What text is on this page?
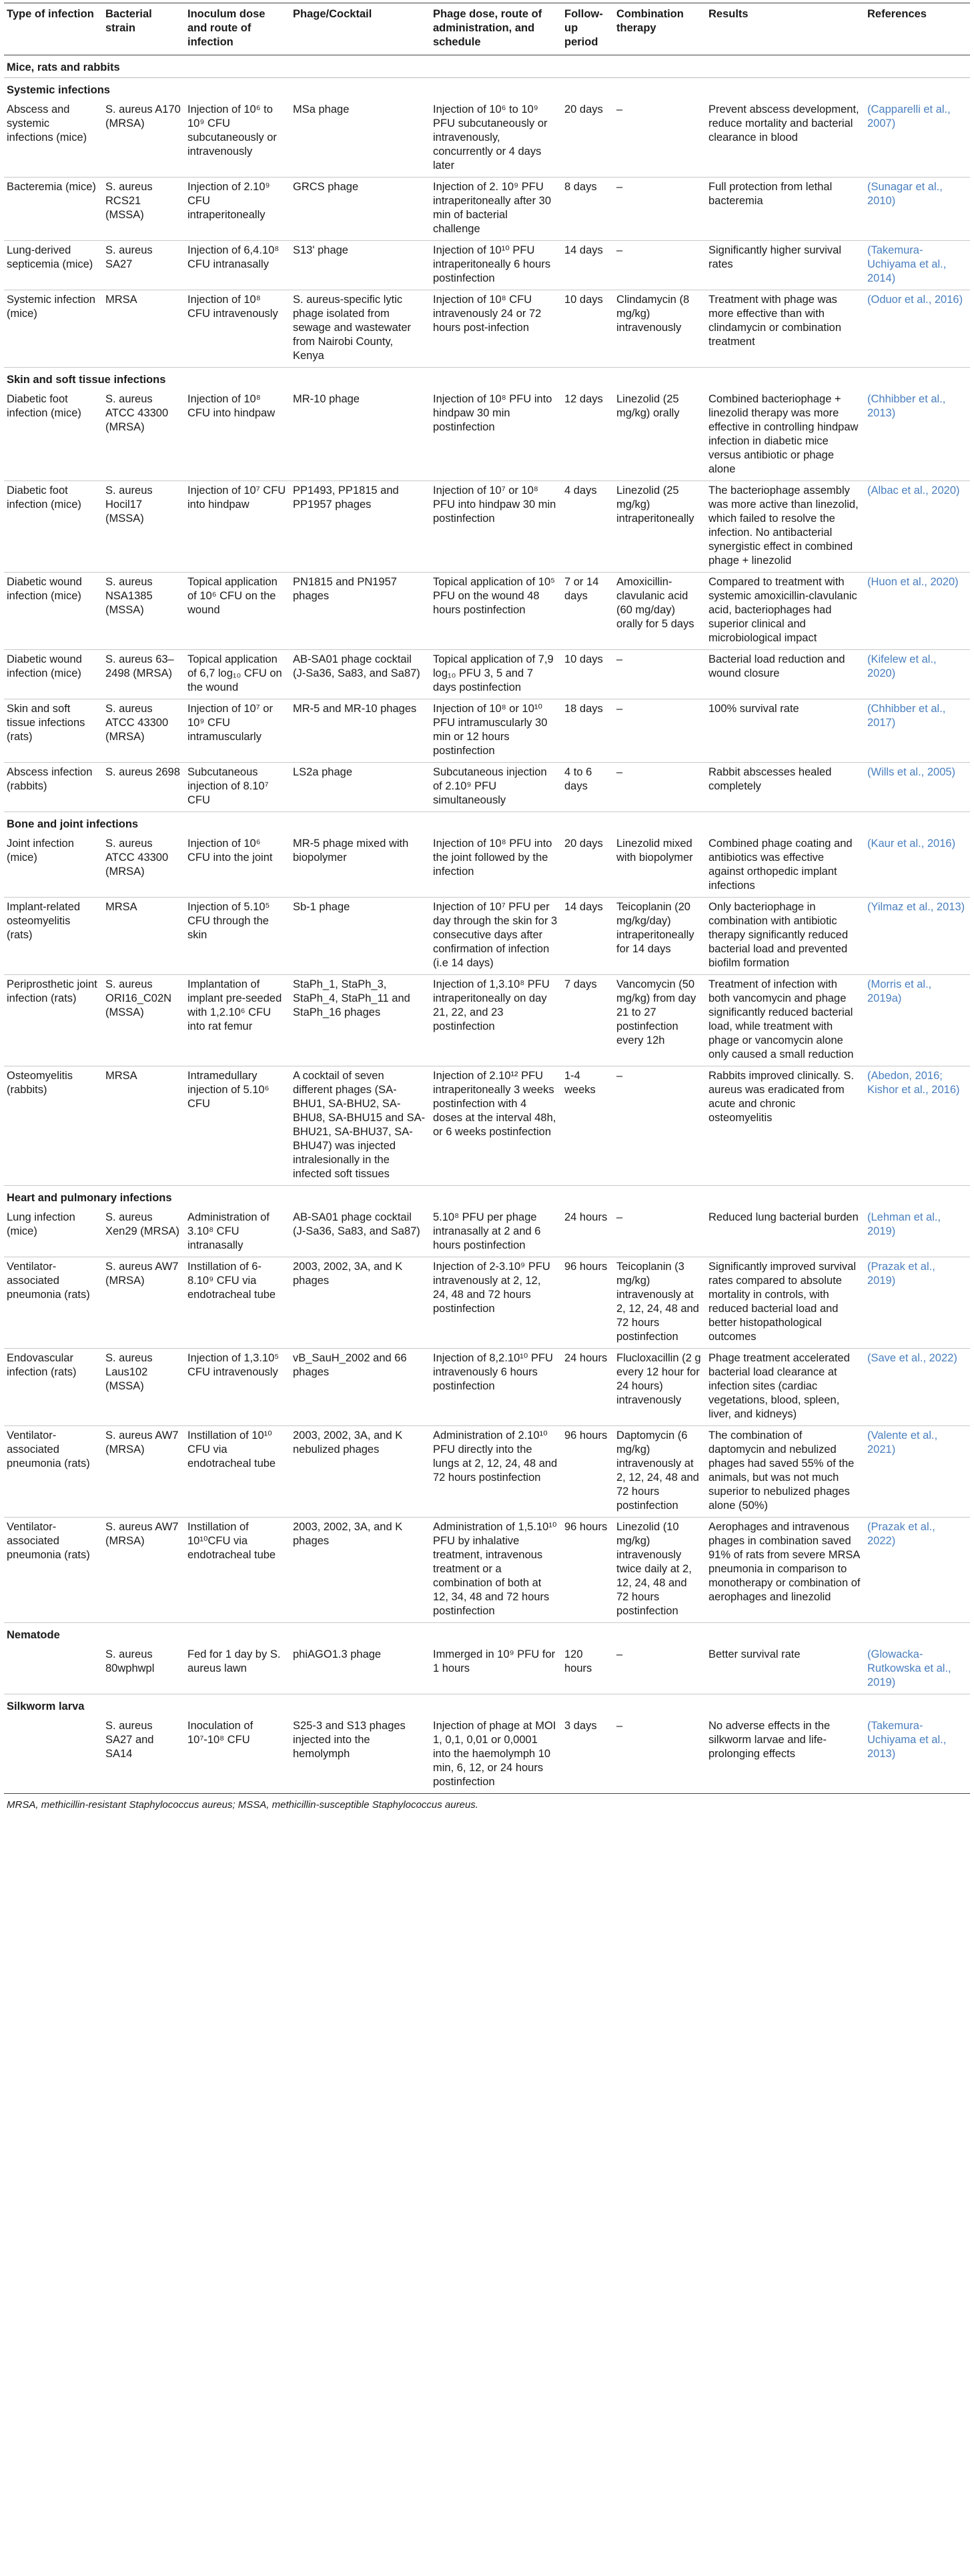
Type of infection	Bacterial strain	Inoculum dose and route of infection	Phage/Cocktail	Phage dose, route of administration, and schedule	Follow-up period	Combination therapy	Results	References
Mice, rats and rabbits								
Systemic infections								
Abscess and systemic infections (mice)	S. aureus A170 (MRSA)	Injection of 10⁶ to 10⁹ CFU subcutaneously or intravenously	MSa phage	Injection of 10⁶ to 10⁹ PFU subcutaneously or intravenously, concurrently or 4 days later	20 days	–	Prevent abscess development, reduce mortality and bacterial clearance in blood	(Capparelli et al., 2007)
Bacteremia (mice)	S. aureus RCS21 (MSSA)	Injection of 2.10⁹ CFU intraperitoneally	GRCS phage	Injection of 2. 10⁹ PFU intraperitoneally after 30 min of bacterial challenge	8 days	–	Full protection from lethal bacteremia	(Sunagar et al., 2010)
Lung-derived septicemia (mice)	S. aureus SA27	Injection of 6,4.10⁸ CFU intranasally	S13' phage	Injection of 10¹⁰ PFU intraperitoneally 6 hours postinfection	14 days	–	Significantly higher survival rates	(Takemura-Uchiyama et al., 2014)
Systemic infection (mice)	MRSA	Injection of 10⁸ CFU intravenously	S. aureus-specific lytic phage isolated from sewage and wastewater from Nairobi County, Kenya	Injection of 10⁸ CFU intravenously 24 or 72 hours post-infection	10 days	Clindamycin (8 mg/kg) intravenously	Treatment with phage was more effective than with clindamycin or combination treatment	(Oduor et al., 2016)
Skin and soft tissue infections								
Diabetic foot infection (mice)	S. aureus ATCC 43300 (MRSA)	Injection of 10⁸ CFU into hindpaw	MR-10 phage	Injection of 10⁸ PFU into hindpaw 30 min postinfection	12 days	Linezolid (25 mg/kg) orally	Combined bacteriophage + linezolid therapy was more effective in controlling hindpaw infection in diabetic mice versus antibiotic or phage alone	(Chhibber et al., 2013)
Diabetic foot infection (mice)	S. aureus Hocil17 (MSSA)	Injection of 10⁷ CFU into hindpaw	PP1493, PP1815 and PP1957 phages	Injection of 10⁷ or 10⁸ PFU into hindpaw 30 min postinfection	4 days	Linezolid (25 mg/kg) intraperitoneally	The bacteriophage assembly was more active than linezolid, which failed to resolve the infection. No antibacterial synergistic effect in combined phage + linezolid	(Albac et al., 2020)
Diabetic wound infection (mice)	S. aureus NSA1385 (MSSA)	Topical application of 10⁶ CFU on the wound	PN1815 and PN1957 phages	Topical application of 10⁵ PFU on the wound 48 hours postinfection	7 or 14 days	Amoxicillin-clavulanic acid (60 mg/day) orally for 5 days	Compared to treatment with systemic amoxicillin-clavulanic acid, bacteriophages had superior clinical and microbiological impact	(Huon et al., 2020)
Diabetic wound infection (mice)	S. aureus 63–2498 (MRSA)	Topical application of 6,7 log₁₀ CFU on the wound	AB-SA01 phage cocktail (J-Sa36, Sa83, and Sa87)	Topical application of 7,9 log₁₀ PFU 3, 5 and 7 days postinfection	10 days	–	Bacterial load reduction and wound closure	(Kifelew et al., 2020)
Skin and soft tissue infections (rats)	S. aureus ATCC 43300 (MRSA)	Injection of 10⁷ or 10⁹ CFU intramuscularly	MR-5 and MR-10 phages	Injection of 10⁸ or 10¹⁰ PFU intramuscularly 30 min or 12 hours postinfection	18 days	–	100% survival rate	(Chhibber et al., 2017)
Abscess infection (rabbits)	S. aureus 2698	Subcutaneous injection of 8.10⁷ CFU	LS2a phage	Subcutaneous injection of 2.10⁹ PFU simultaneously	4 to 6 days	–	Rabbit abscesses healed completely	(Wills et al., 2005)
Bone and joint infections								
Joint infection (mice)	S. aureus ATCC 43300 (MRSA)	Injection of 10⁶ CFU into the joint	MR-5 phage mixed with biopolymer	Injection of 10⁸ PFU into the joint followed by the infection	20 days	Linezolid mixed with biopolymer	Combined phage coating and antibiotics was effective against orthopedic implant infections	(Kaur et al., 2016)
Implant-related osteomyelitis (rats)	MRSA	Injection of 5.10⁵ CFU through the skin	Sb-1 phage	Injection of 10⁷ PFU per day through the skin for 3 consecutive days after confirmation of infection (i.e 14 days)	14 days	Teicoplanin (20 mg/kg/day) intraperitoneally for 14 days	Only bacteriophage in combination with antibiotic therapy significantly reduced bacterial load and prevented biofilm formation	(Yilmaz et al., 2013)
Periprosthetic joint infection (rats)	S. aureus ORI16_C02N (MSSA)	Implantation of implant pre-seeded with 1,2.10⁶ CFU into rat femur	StaPh_1, StaPh_3, StaPh_4, StaPh_11 and StaPh_16 phages	Injection of 1,3.10⁸ PFU intraperitoneally on day 21, 22, and 23 postinfection	7 days	Vancomycin (50 mg/kg) from day 21 to 27 postinfection every 12h	Treatment of infection with both vancomycin and phage significantly reduced bacterial load, while treatment with phage or vancomycin alone only caused a small reduction	(Morris et al., 2019a)
Osteomyelitis (rabbits)	MRSA	Intramedullary injection of 5.10⁶ CFU	A cocktail of seven different phages (SA-BHU1, SA-BHU2, SA-BHU8, SA-BHU15 and SA-BHU21, SA-BHU37, SA-BHU47) was injected intralesionally in the infected soft tissues	Injection of 2.10¹² PFU intraperitoneally 3 weeks postinfection with 4 doses at the interval 48h, or 6 weeks postinfection	1-4 weeks	–	Rabbits improved clinically. S. aureus was eradicated from acute and chronic osteomyelitis	(Abedon, 2016; Kishor et al., 2016)
Heart and pulmonary infections								
Lung infection (mice)	S. aureus Xen29 (MRSA)	Administration of 3.10⁸ CFU intranasally	AB-SA01 phage cocktail (J-Sa36, Sa83, and Sa87)	5.10⁸ PFU per phage intranasally at 2 and 6 hours postinfection	24 hours	–	Reduced lung bacterial burden	(Lehman et al., 2019)
Ventilator-associated pneumonia (rats)	S. aureus AW7 (MRSA)	Instillation of 6-8.10⁹ CFU via endotracheal tube	2003, 2002, 3A, and K phages	Injection of 2-3.10⁹ PFU intravenously at 2, 12, 24, 48 and 72 hours postinfection	96 hours	Teicoplanin (3 mg/kg) intravenously at 2, 12, 24, 48 and 72 hours postinfection	Significantly improved survival rates compared to absolute mortality in controls, with reduced bacterial load and better histopathological outcomes	(Prazak et al., 2019)
Endovascular infection (rats)	S. aureus Laus102 (MSSA)	Injection of 1,3.10⁵ CFU intravenously	vB_SauH_2002 and 66 phages	Injection of 8,2.10¹⁰ PFU intravenously 6 hours postinfection	24 hours	Flucloxacillin (2 g every 12 hour for 24 hours) intravenously	Phage treatment accelerated bacterial load clearance at infection sites (cardiac vegetations, blood, spleen, liver, and kidneys)	(Save et al., 2022)
Ventilator-associated pneumonia (rats)	S. aureus AW7 (MRSA)	Instillation of 10¹⁰ CFU via endotracheal tube	2003, 2002, 3A, and K nebulized phages	Administration of 2.10¹⁰ PFU directly into the lungs at 2, 12, 24, 48 and 72 hours postinfection	96 hours	Daptomycin (6 mg/kg) intravenously at 2, 12, 24, 48 and 72 hours postinfection	The combination of daptomycin and nebulized phages had saved 55% of the animals, but was not much superior to nebulized phages alone (50%)	(Valente et al., 2021)
Ventilator-associated pneumonia (rats)	S. aureus AW7 (MRSA)	Instillation of 10¹⁰CFU via endotracheal tube	2003, 2002, 3A, and K phages	Administration of 1,5.10¹⁰ PFU by inhalative treatment, intravenous treatment or a combination of both at 12, 34, 48 and 72 hours postinfection	96 hours	Linezolid (10 mg/kg) intravenously twice daily at 2, 12, 24, 48 and 72 hours postinfection	Aerophages and intravenous phages in combination saved 91% of rats from severe MRSA pneumonia in comparison to monotherapy or combination of aerophages and linezolid	(Prazak et al., 2022)
Nematode								
	S. aureus 80wphwpl	Fed for 1 day by S. aureus lawn	phiAGO1.3 phage	Immerged in 10⁹ PFU for 1 hours	120 hours	–	Better survival rate	(Glowacka-Rutkowska et al., 2019)
Silkworm larva								
	S. aureus SA27 and SA14	Inoculation of 10⁷-10⁸ CFU	S25-3 and S13 phages injected into the hemolymph	Injection of phage at MOI 1, 0,1, 0,01 or 0,0001 into the haemolymph 10 min, 6, 12, or 24 hours postinfection	3 days	–	No adverse effects in the silkworm larvae and life-prolonging effects	(Takemura-Uchiyama et al., 2013)
MRSA, methicillin-resistant Staphylococcus aureus; MSSA, methicillin-susceptible Staphylococcus aureus.
